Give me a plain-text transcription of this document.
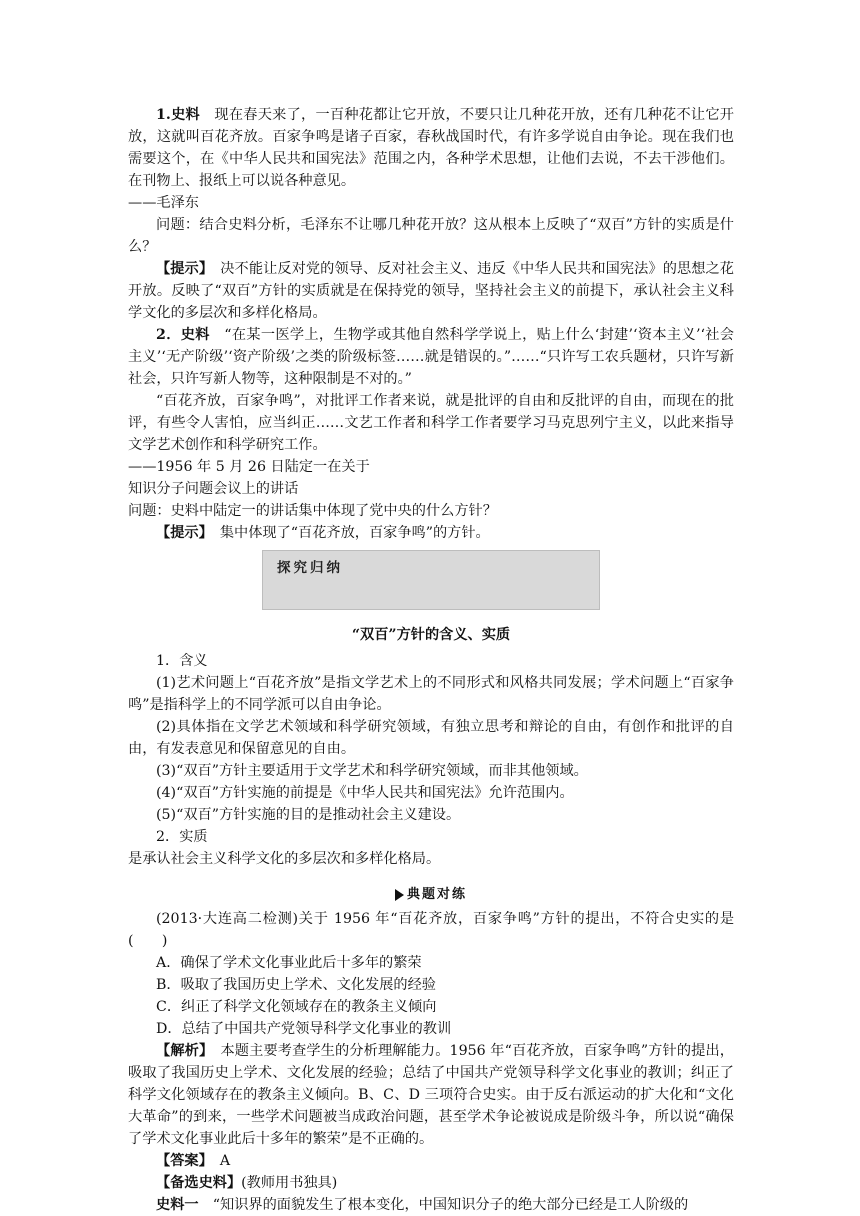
1.史料　现在春天来了，一百种花都让它开放，不要只让几种花开放，还有几种花不让它开放，这就叫百花齐放。百家争鸣是诸子百家，春秋战国时代，有许多学说自由争论。现在我们也需要这个，在《中华人民共和国宪法》范围之内，各种学术思想，让他们去说，不去干涉他们。在刊物上、报纸上可以说各种意见。

——毛泽东

问题：结合史料分析，毛泽东不让哪几种花开放？这从根本上反映了“双百”方针的实质是什么？

【提示】　决不能让反对党的领导、反对社会主义、违反《中华人民共和国宪法》的思想之花开放。反映了“双百”方针的实质就是在保持党的领导，坚持社会主义的前提下，承认社会主义科学文化的多层次和多样化格局。

2．史料　“在某一医学上，生物学或其他自然科学学说上，贴上什么‘封建’‘资本主义’‘社会主义’‘无产阶级’‘资产阶级’之类的阶级标签……就是错误的。”……“只许写工农兵题材，只许写新社会，只许写新人物等，这种限制是不对的。”

“百花齐放，百家争鸣”，对批评工作者来说，就是批评的自由和反批评的自由，而现在的批评，有些令人害怕，应当纠正……文艺工作者和科学工作者要学习马克思列宁主义，以此来指导文学艺术创作和科学研究工作。

——1956 年 5 月 26 日陆定一在关于

知识分子问题会议上的讲话

问题：史料中陆定一的讲话集中体现了党中央的什么方针？

【提示】　集中体现了“百花齐放，百家争鸣”的方针。

探究归纳

“双百”方针的含义、实质

1．含义

(1)艺术问题上“百花齐放”是指文学艺术上的不同形式和风格共同发展；学术问题上“百家争鸣”是指科学上的不同学派可以自由争论。

(2)具体指在文学艺术领域和科学研究领域，有独立思考和辩论的自由，有创作和批评的自由，有发表意见和保留意见的自由。

(3)“双百”方针主要适用于文学艺术和科学研究领域，而非其他领域。

(4)“双百”方针实施的前提是《中华人民共和国宪法》允许范围内。

(5)“双百”方针实施的目的是推动社会主义建设。

2．实质

是承认社会主义科学文化的多层次和多样化格局。

典题对练

(2013·大连高二检测)关于 1956 年“百花齐放，百家争鸣”方针的提出，不符合史实的是(　　)

A．确保了学术文化事业此后十多年的繁荣

B．吸取了我国历史上学术、文化发展的经验

C．纠正了科学文化领域存在的教条主义倾向

D．总结了中国共产党领导科学文化事业的教训

【解析】　本题主要考查学生的分析理解能力。1956 年“百花齐放，百家争鸣”方针的提出，吸取了我国历史上学术、文化发展的经验；总结了中国共产党领导科学文化事业的教训；纠正了科学文化领域存在的教条主义倾向。B、C、D 三项符合史实。由于反右派运动的扩大化和“文化大革命”的到来，一些学术问题被当成政治问题，甚至学术争论被说成是阶级斗争，所以说“确保了学术文化事业此后十多年的繁荣”是不正确的。

【答案】　A

【备选史料】(教师用书独具)

史料一　“知识界的面貌发生了根本变化，中国知识分子的绝大部分已经是工人阶级的
